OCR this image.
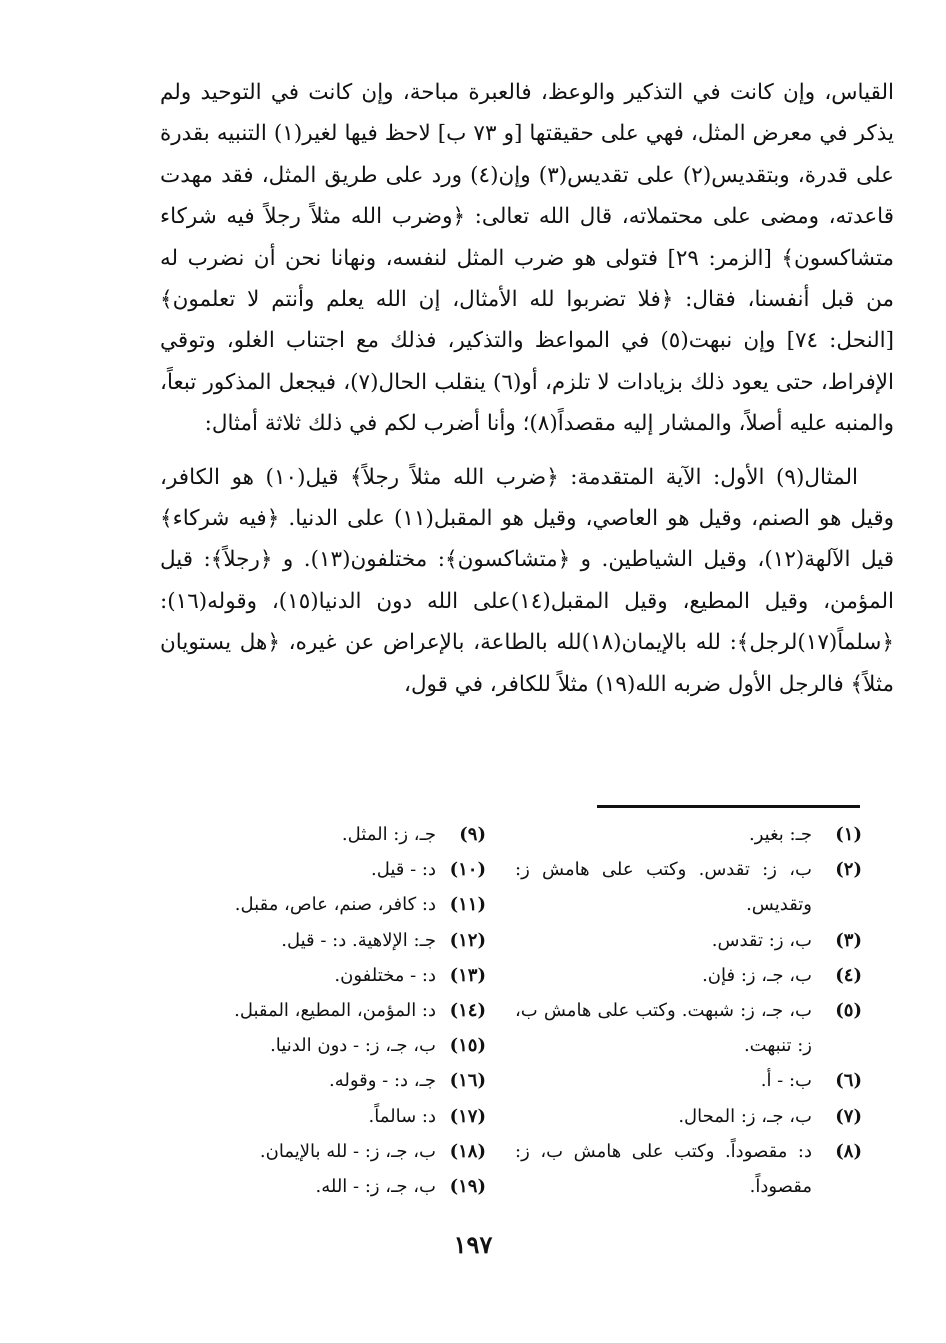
القياس، وإن كانت في التذكير والوعظ، فالعبرة مباحة، وإن كانت في التوحيد ولم يذكر في معرض المثل، فهي على حقيقتها [و ٧٣ ب] لاحظ فيها لغير(١) التنبيه بقدرة على قدرة، وبتقديس(٢) على تقديس(٣) وإن(٤) ورد على طريق المثل، فقد مهدت قاعدته، ومضى على محتملاته، قال الله تعالى: ﴿وضرب الله مثلاً رجلاً فيه شركاء متشاكسون﴾ [الزمر: ٢٩] فتولى هو ضرب المثل لنفسه، ونهانا نحن أن نضرب له من قبل أنفسنا، فقال: ﴿فلا تضربوا لله الأمثال، إن الله يعلم وأنتم لا تعلمون﴾ [النحل: ٧٤] وإن نبهت(٥) في المواعظ والتذكير، فذلك مع اجتناب الغلو، وتوقي الإفراط، حتى يعود ذلك بزيادات لا تلزم، أو(٦) ينقلب الحال(٧)، فيجعل المذكور تبعاً، والمنبه عليه أصلاً، والمشار إليه مقصداً(٨)؛ وأنا أضرب لكم في ذلك ثلاثة أمثال:

المثال(٩) الأول: الآية المتقدمة: ﴿ضرب الله مثلاً رجلاً﴾ قيل(١٠) هو الكافر، وقيل هو الصنم، وقيل هو العاصي، وقيل هو المقبل(١١) على الدنيا. ﴿فيه شركاء﴾ قيل الآلهة(١٢)، وقيل الشياطين. و ﴿متشاكسون﴾: مختلفون(١٣). و ﴿رجلاً﴾: قيل المؤمن، وقيل المطيع، وقيل المقبل(١٤)على الله دون الدنيا(١٥)، وقوله(١٦): ﴿سلماً(١٧)لرجل﴾: لله بالإيمان(١٨)لله بالطاعة، بالإعراض عن غيره، ﴿هل يستويان مثلاً﴾ فالرجل الأول ضربه الله(١٩) مثلاً للكافر، في قول،

(١)
جـ: بغير.
(٢)
ب، ز: تقدس. وكتب على هامش ز: وتقديس.
(٣)
ب، ز: تقدس.
(٤)
ب، جـ، ز: فإن.
(٥)
ب، جـ، ز: شبهت. وكتب على هامش ب، ز: تنبهت.
(٦)
ب: - أ.
(٧)
ب، جـ، ز: المحال.
(٨)
د: مقصوداً. وكتب على هامش ب، ز: مقصوداً.
(٩)
جـ، ز: المثل.
(١٠)
د: - قيل.
(١١)
د: كافر، صنم، عاص، مقبل.
(١٢)
جـ: الإلاهية. د: - قيل.
(١٣)
د: - مختلفون.
(١٤)
د: المؤمن، المطيع، المقبل.
(١٥)
ب، جـ، ز: - دون الدنيا.
(١٦)
جـ، د: - وقوله.
(١٧)
د: سالماً.
(١٨)
ب، جـ، ز: - لله بالإيمان.
(١٩)
ب، جـ، ز: - الله.
١٩٧
